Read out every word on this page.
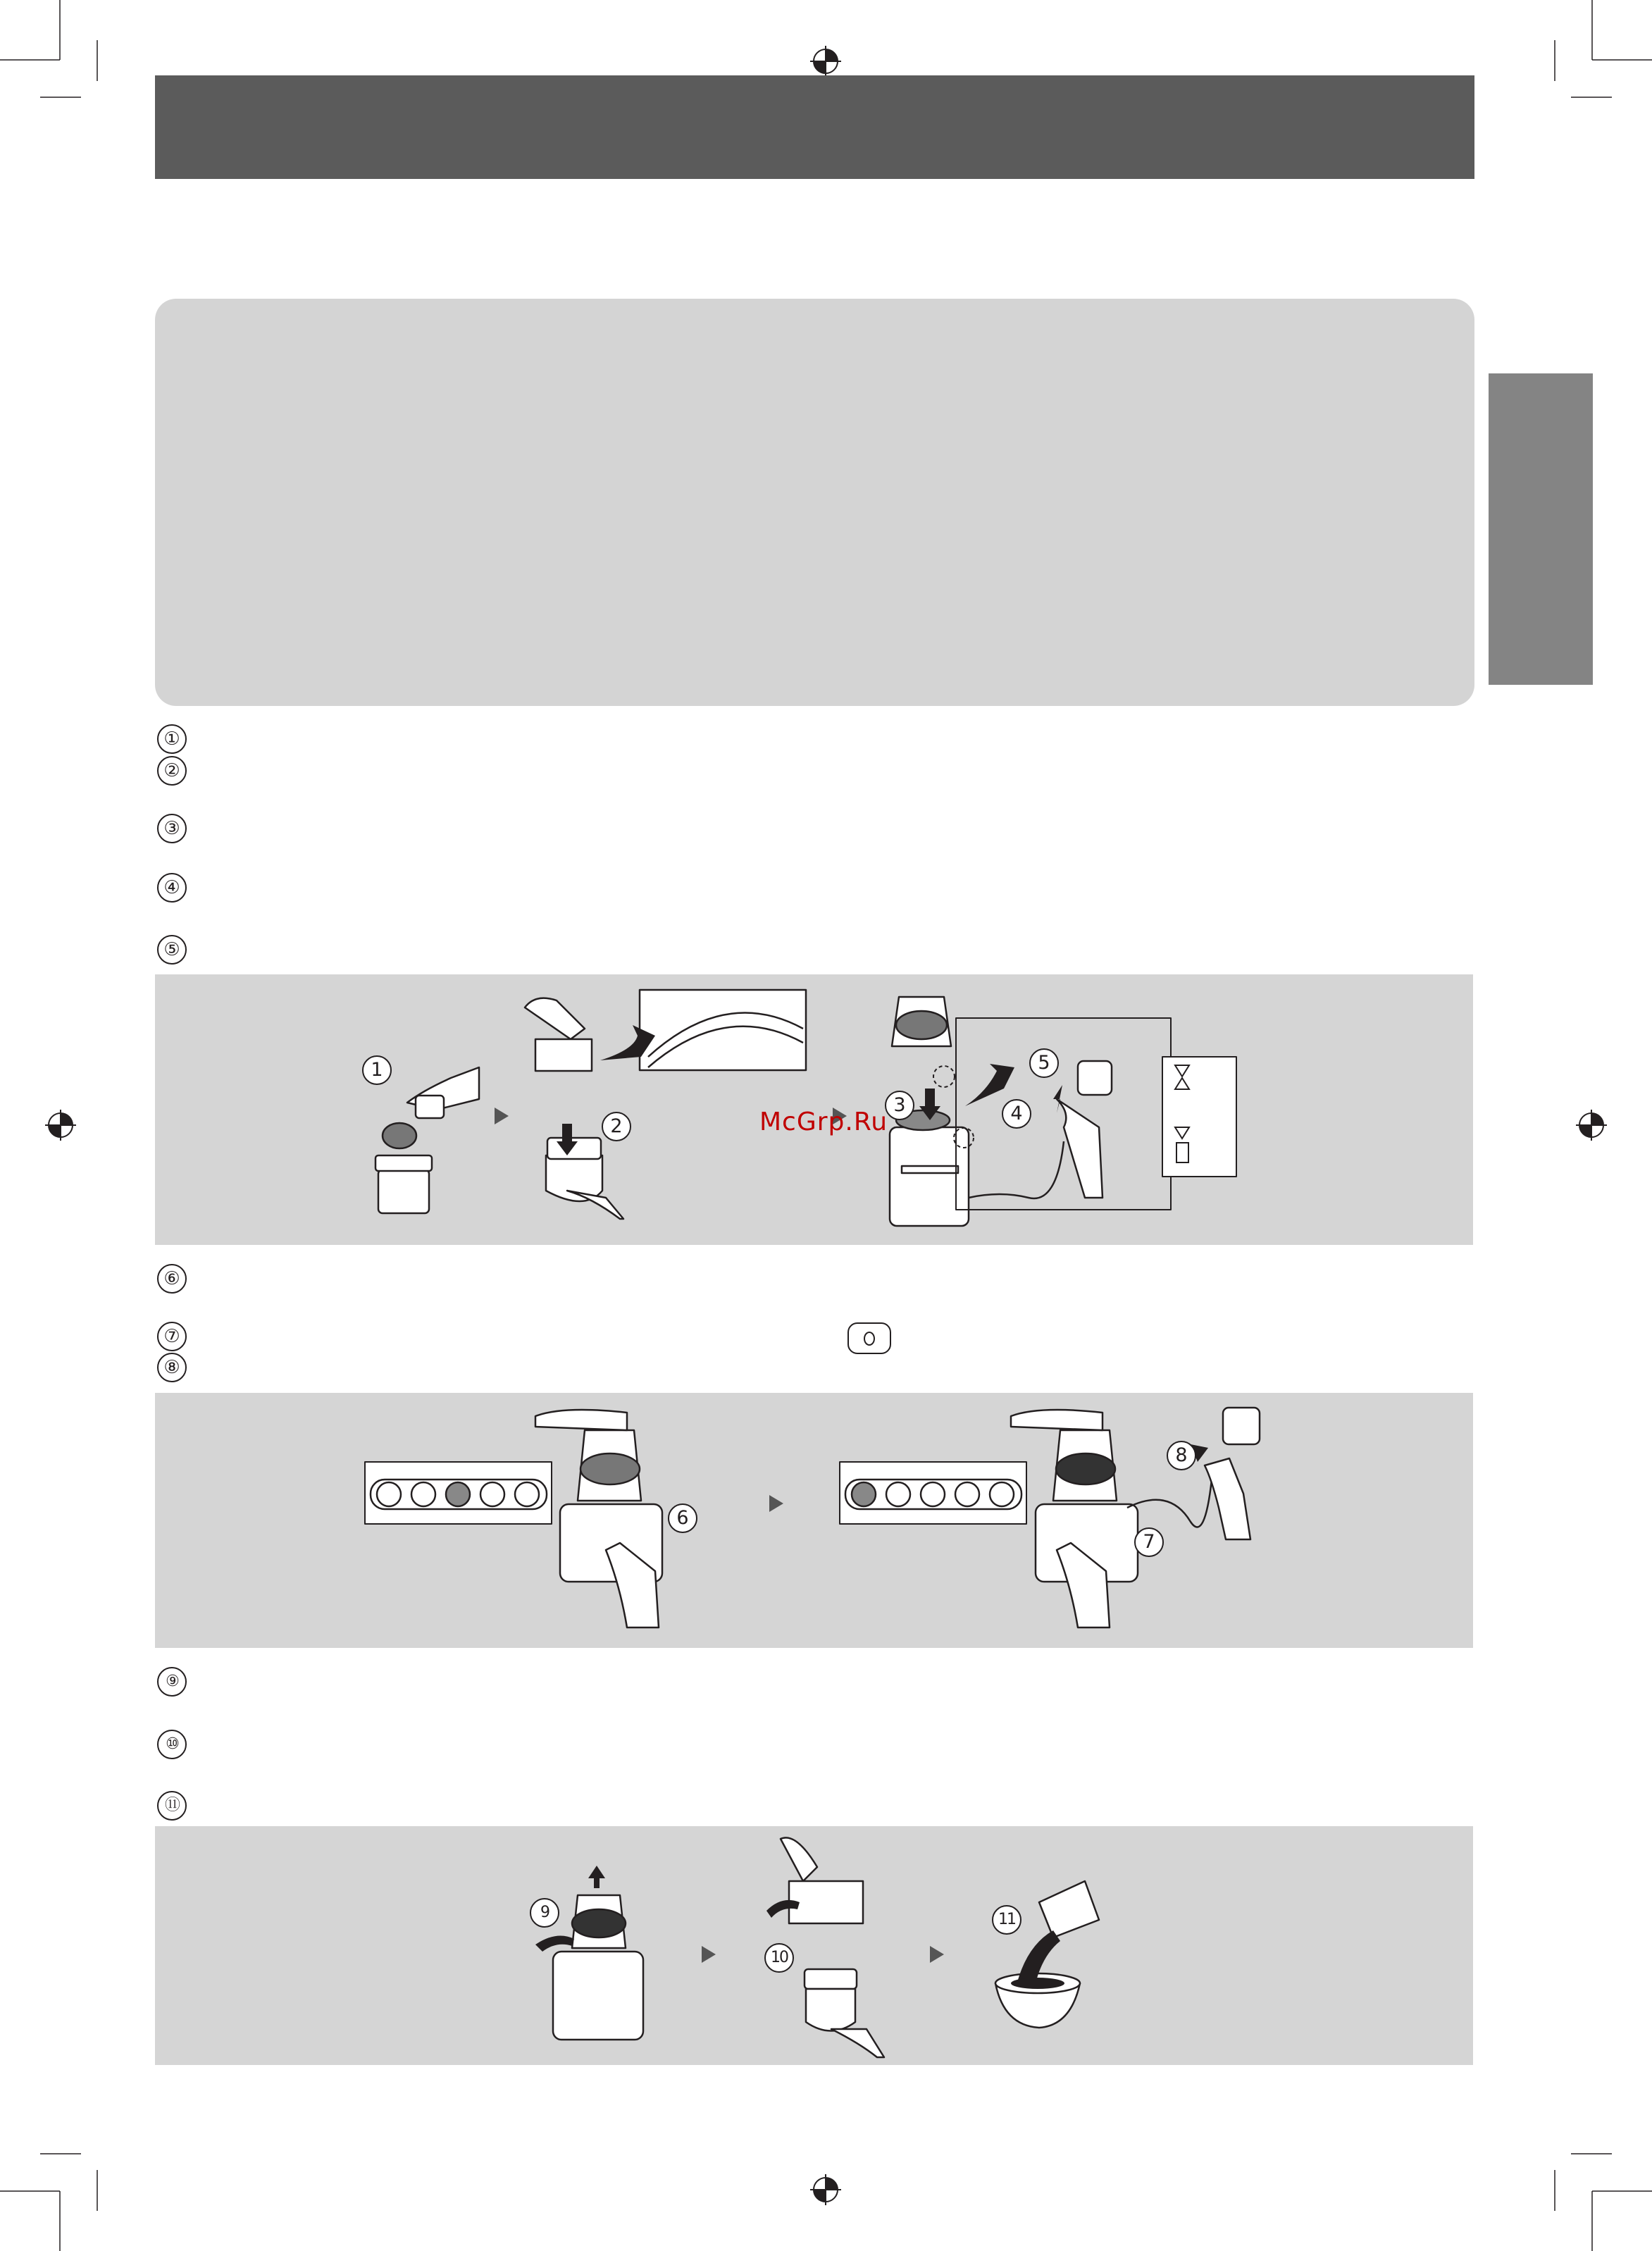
①
②
③
④
⑤
1
2
3	4
5
McGrp.Ru
⑥
⑦
⑧
6
7
8
⑨
⑩
⑪
9
10
11
